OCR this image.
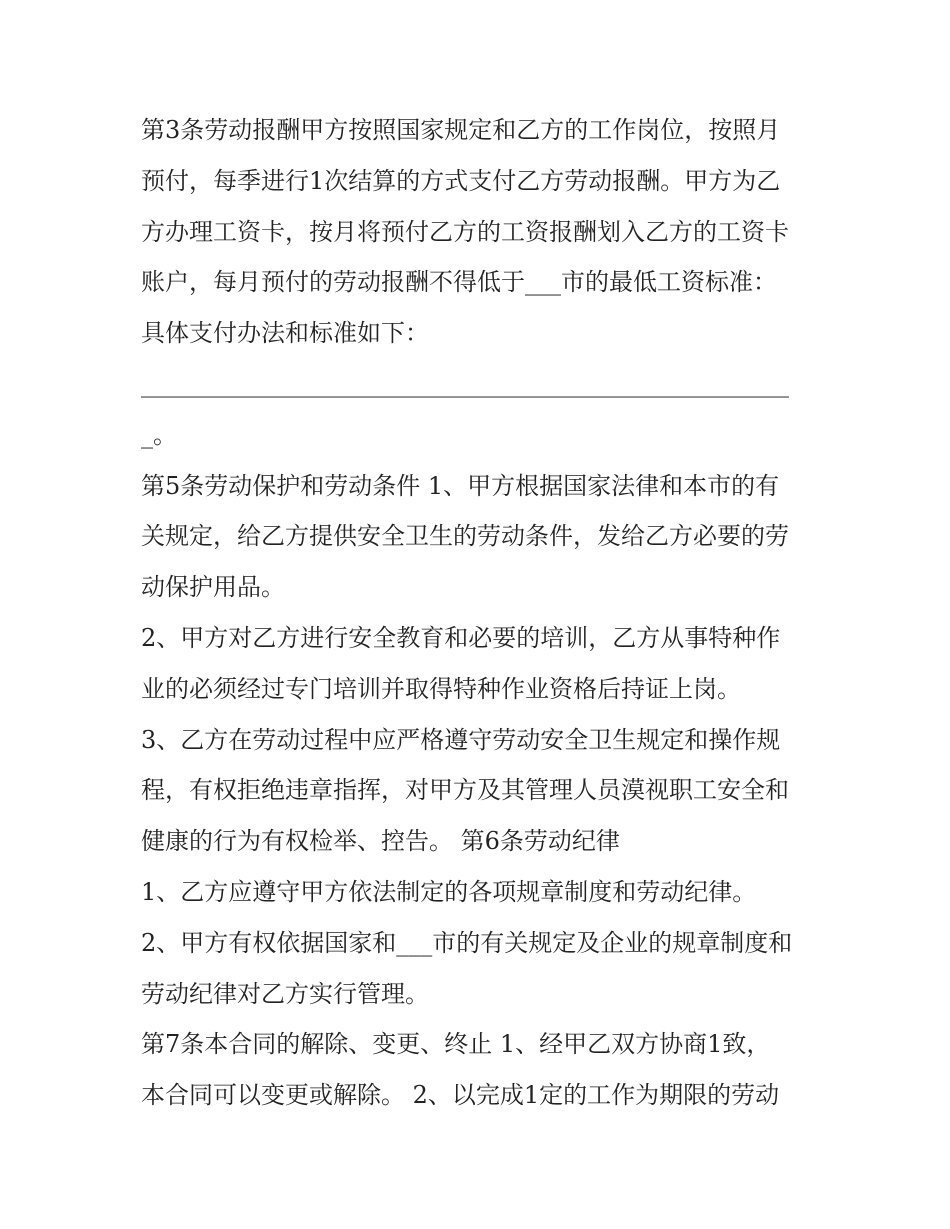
第3条劳动报酬甲方按照国家规定和乙方的工作岗位，按照月
预付，每季进行1次结算的方式支付乙方劳动报酬。甲方为乙
方办理工资卡，按月将预付乙方的工资报酬划入乙方的工资卡
账户，每月预付的劳动报酬不得低于___市的最低工资标准：
具体支付办法和标准如下：
______________________________________________________
_。
第5条劳动保护和劳动条件 1、甲方根据国家法律和本市的有
关规定，给乙方提供安全卫生的劳动条件，发给乙方必要的劳
动保护用品。
2、甲方对乙方进行安全教育和必要的培训，乙方从事特种作
业的必须经过专门培训并取得特种作业资格后持证上岗。
3、乙方在劳动过程中应严格遵守劳动安全卫生规定和操作规
程，有权拒绝违章指挥，对甲方及其管理人员漠视职工安全和
健康的行为有权检举、控告。 第6条劳动纪律
1、乙方应遵守甲方依法制定的各项规章制度和劳动纪律。
2、甲方有权依据国家和___市的有关规定及企业的规章制度和
劳动纪律对乙方实行管理。
第7条本合同的解除、变更、终止 1、经甲乙双方协商1致，
本合同可以变更或解除。 2、以完成1定的工作为期限的劳动
